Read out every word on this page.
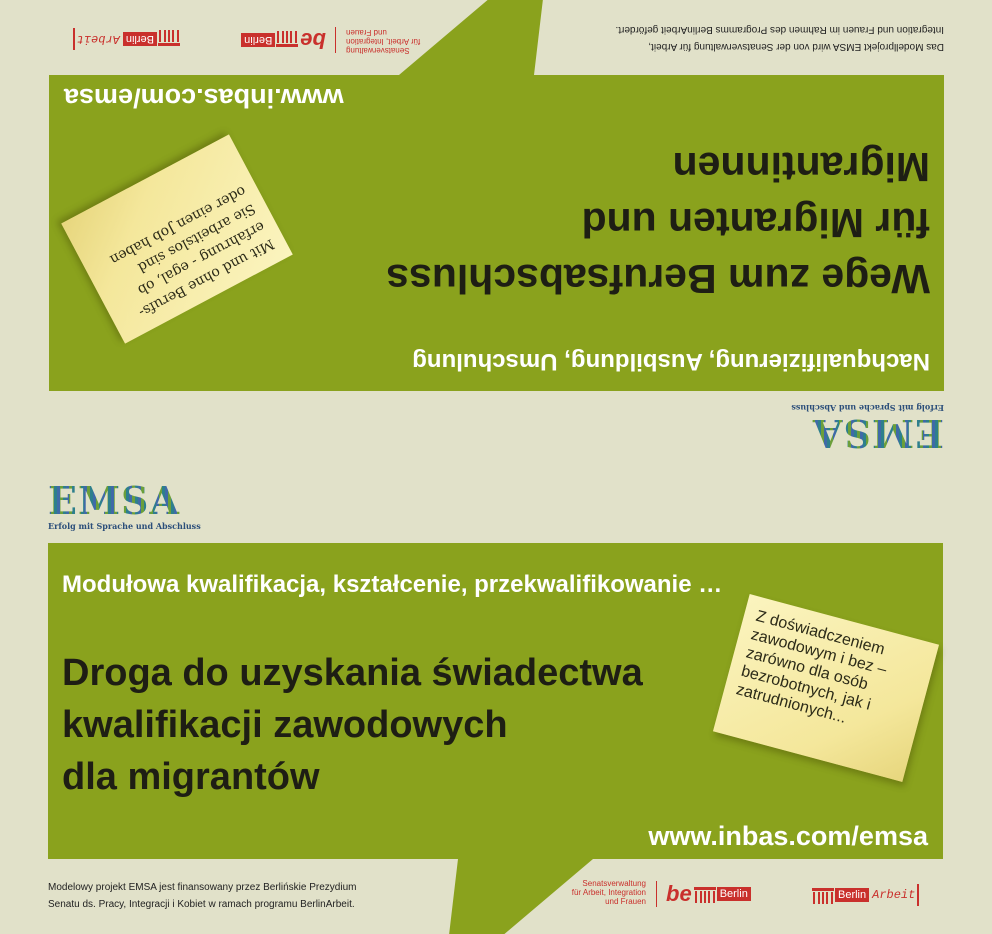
EMSA
Erfolg mit Sprache und Abschluss
Nachqualifizierung, Ausbildung, Umschulung
Wege zum Berufsabschluss
für Migranten und
Migrantinnen
Mit und ohne Berufs-erfahrung - egal, ob Sie arbeitslos sind oder einen Job haben
www.inbas.com/emsa
Das Modellprojekt EMSA wird von der Senatsverwaltung für Arbeit,
Integration und Frauen im Rahmen des Programms BerlinArbeit gefördert.
Senatsverwaltung
für Arbeit, Integration
und Frauen
be
Berlin
Berlin
Arbeit
EMSA
Erfolg mit Sprache und Abschluss
Modułowa kwalifikacja, kształcenie, przekwalifikowanie …
Droga do uzyskania świadectwa
kwalifikacji zawodowych
dla migrantów
Z doświadczeniem zawodowym i bez – zarówno dla osób bezrobotnych, jak i zatrudnionych...
www.inbas.com/emsa
Modelowy projekt EMSA jest finansowany przez Berlińskie Prezydium
Senatu ds. Pracy, Integracji i Kobiet w ramach programu BerlinArbeit.
Senatsverwaltung
für Arbeit, Integration
und Frauen be	Berlin	Berlin Arbeit
